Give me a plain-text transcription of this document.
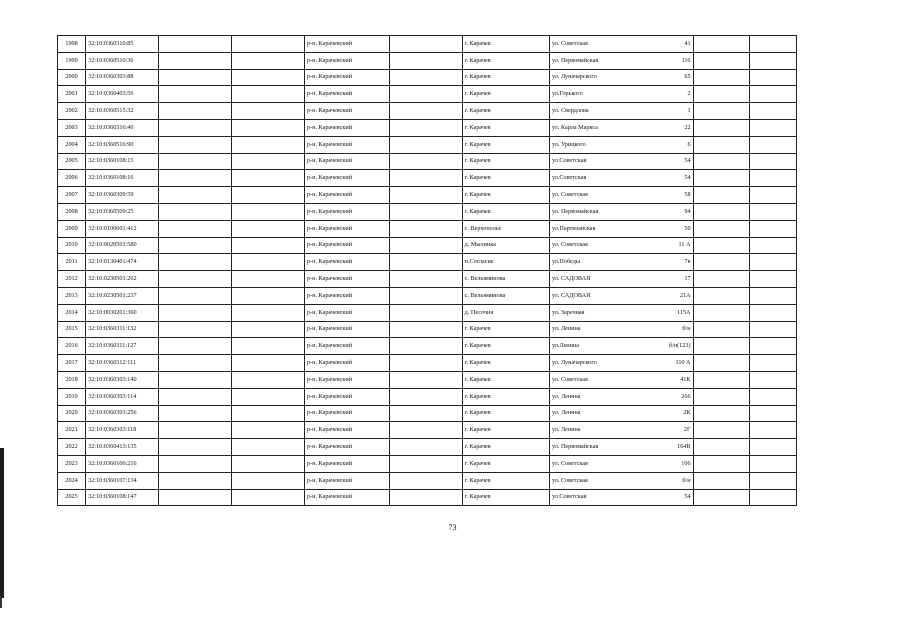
1998	32:10:0360310:85			р-н. Карачевский		г. Карачев	ул. Советская 41		

1999	32:10:0360510:36			р-н. Карачевский		г. Карачев	ул. Первомайская 116		

2000	32:10:0360303:88			р-н. Карачевский		г. Карачев	ул. Луначарского 65		

2001	32:10:0360403:56			р-н. Карачевский		г. Карачев	ул.Горького 2		

2002	32:10:0360515:32			р-н. Карачевский		г. Карачев	ул. Свердлова 1		

2003	32:10:0360316:40			р-н. Карачевский		г. Карачев	ул. Карла Маркса 22		

2004	32:10:0360516:90			р-н. Карачевский		г. Карачев	ул. Урицкого 6		

2005	32:10:0360108:15			р-н. Карачевский		г. Карачев	ул.Советская 54		

2006	32:10:0360108:16			р-н. Карачевский		г. Карачев	ул.Советская 54		

2007	32:10:0360309:59			р-н. Карачевский		г. Карачев	ул. Советская 58		

2008	32:10:0360509:25			р-н. Карачевский		г. Карачев	ул. Первомайская 94		

2009	32:10:0100601:412			р-н. Карачевский		с. Верхополье	ул.Партизанская 50		

2010	32:10:0020501:580			р-н. Карачевский		д. Мылинка	ул. Советская 11 А		

2011	32:10:0130401:474			р-н. Карачевский		п.Согласие	ул.Победы 7в		

2012	32:10:0230501:262			р-н. Карачевский		с. Вельяминова	ул. САДОВАЯ 17		

2013	32:10:0230501:237			р-н. Карачевский		с. Вельяминова	ул. САДОВАЯ 21А		

2014	32:10:0030201:360			р-н. Карачевский		д. Песочня	ул. Заречная 115А		

2015	32:10:0360311:132			р-н. Карачевский		г. Карачев	ул. Ленина б/н		

2016	32:10:0360311:127			р-н. Карачевский		г. Карачев	ул.Ленина б/н(123)		

2017	32:10:0360312:111			р-н. Карачевский		г. Карачев	ул. Луначарского 110 А		

2018	32:10:0360303:140			р-н. Карачевский		г. Карачев	ул. Советская 41К		

2019	32:10:0360303:114			р-н. Карачевский		г. Карачев	ул. Ленина 266		

2020	32:10:0360303:256			р-н. Карачевский		г. Карачев	ул. Ленина 2К		

2021	32:10:0360303:118			р-н. Карачевский		г. Карачев	ул. Ленина 2Г		

2022	32:10:0360413:135			р-н. Карачевский		г. Карачев	ул. Первомайская 164В		

2023	32:10:0360106:216			р-н. Карачевский		г. Карачев	ул. Советская 106		

2024	32:10:0360107:134			р-н. Карачевский		г. Карачев	ул. Советская б/н		

2025	32:10:0360108:147			р-н. Карачевский		г. Карачев	ул.Советская 54		

73
